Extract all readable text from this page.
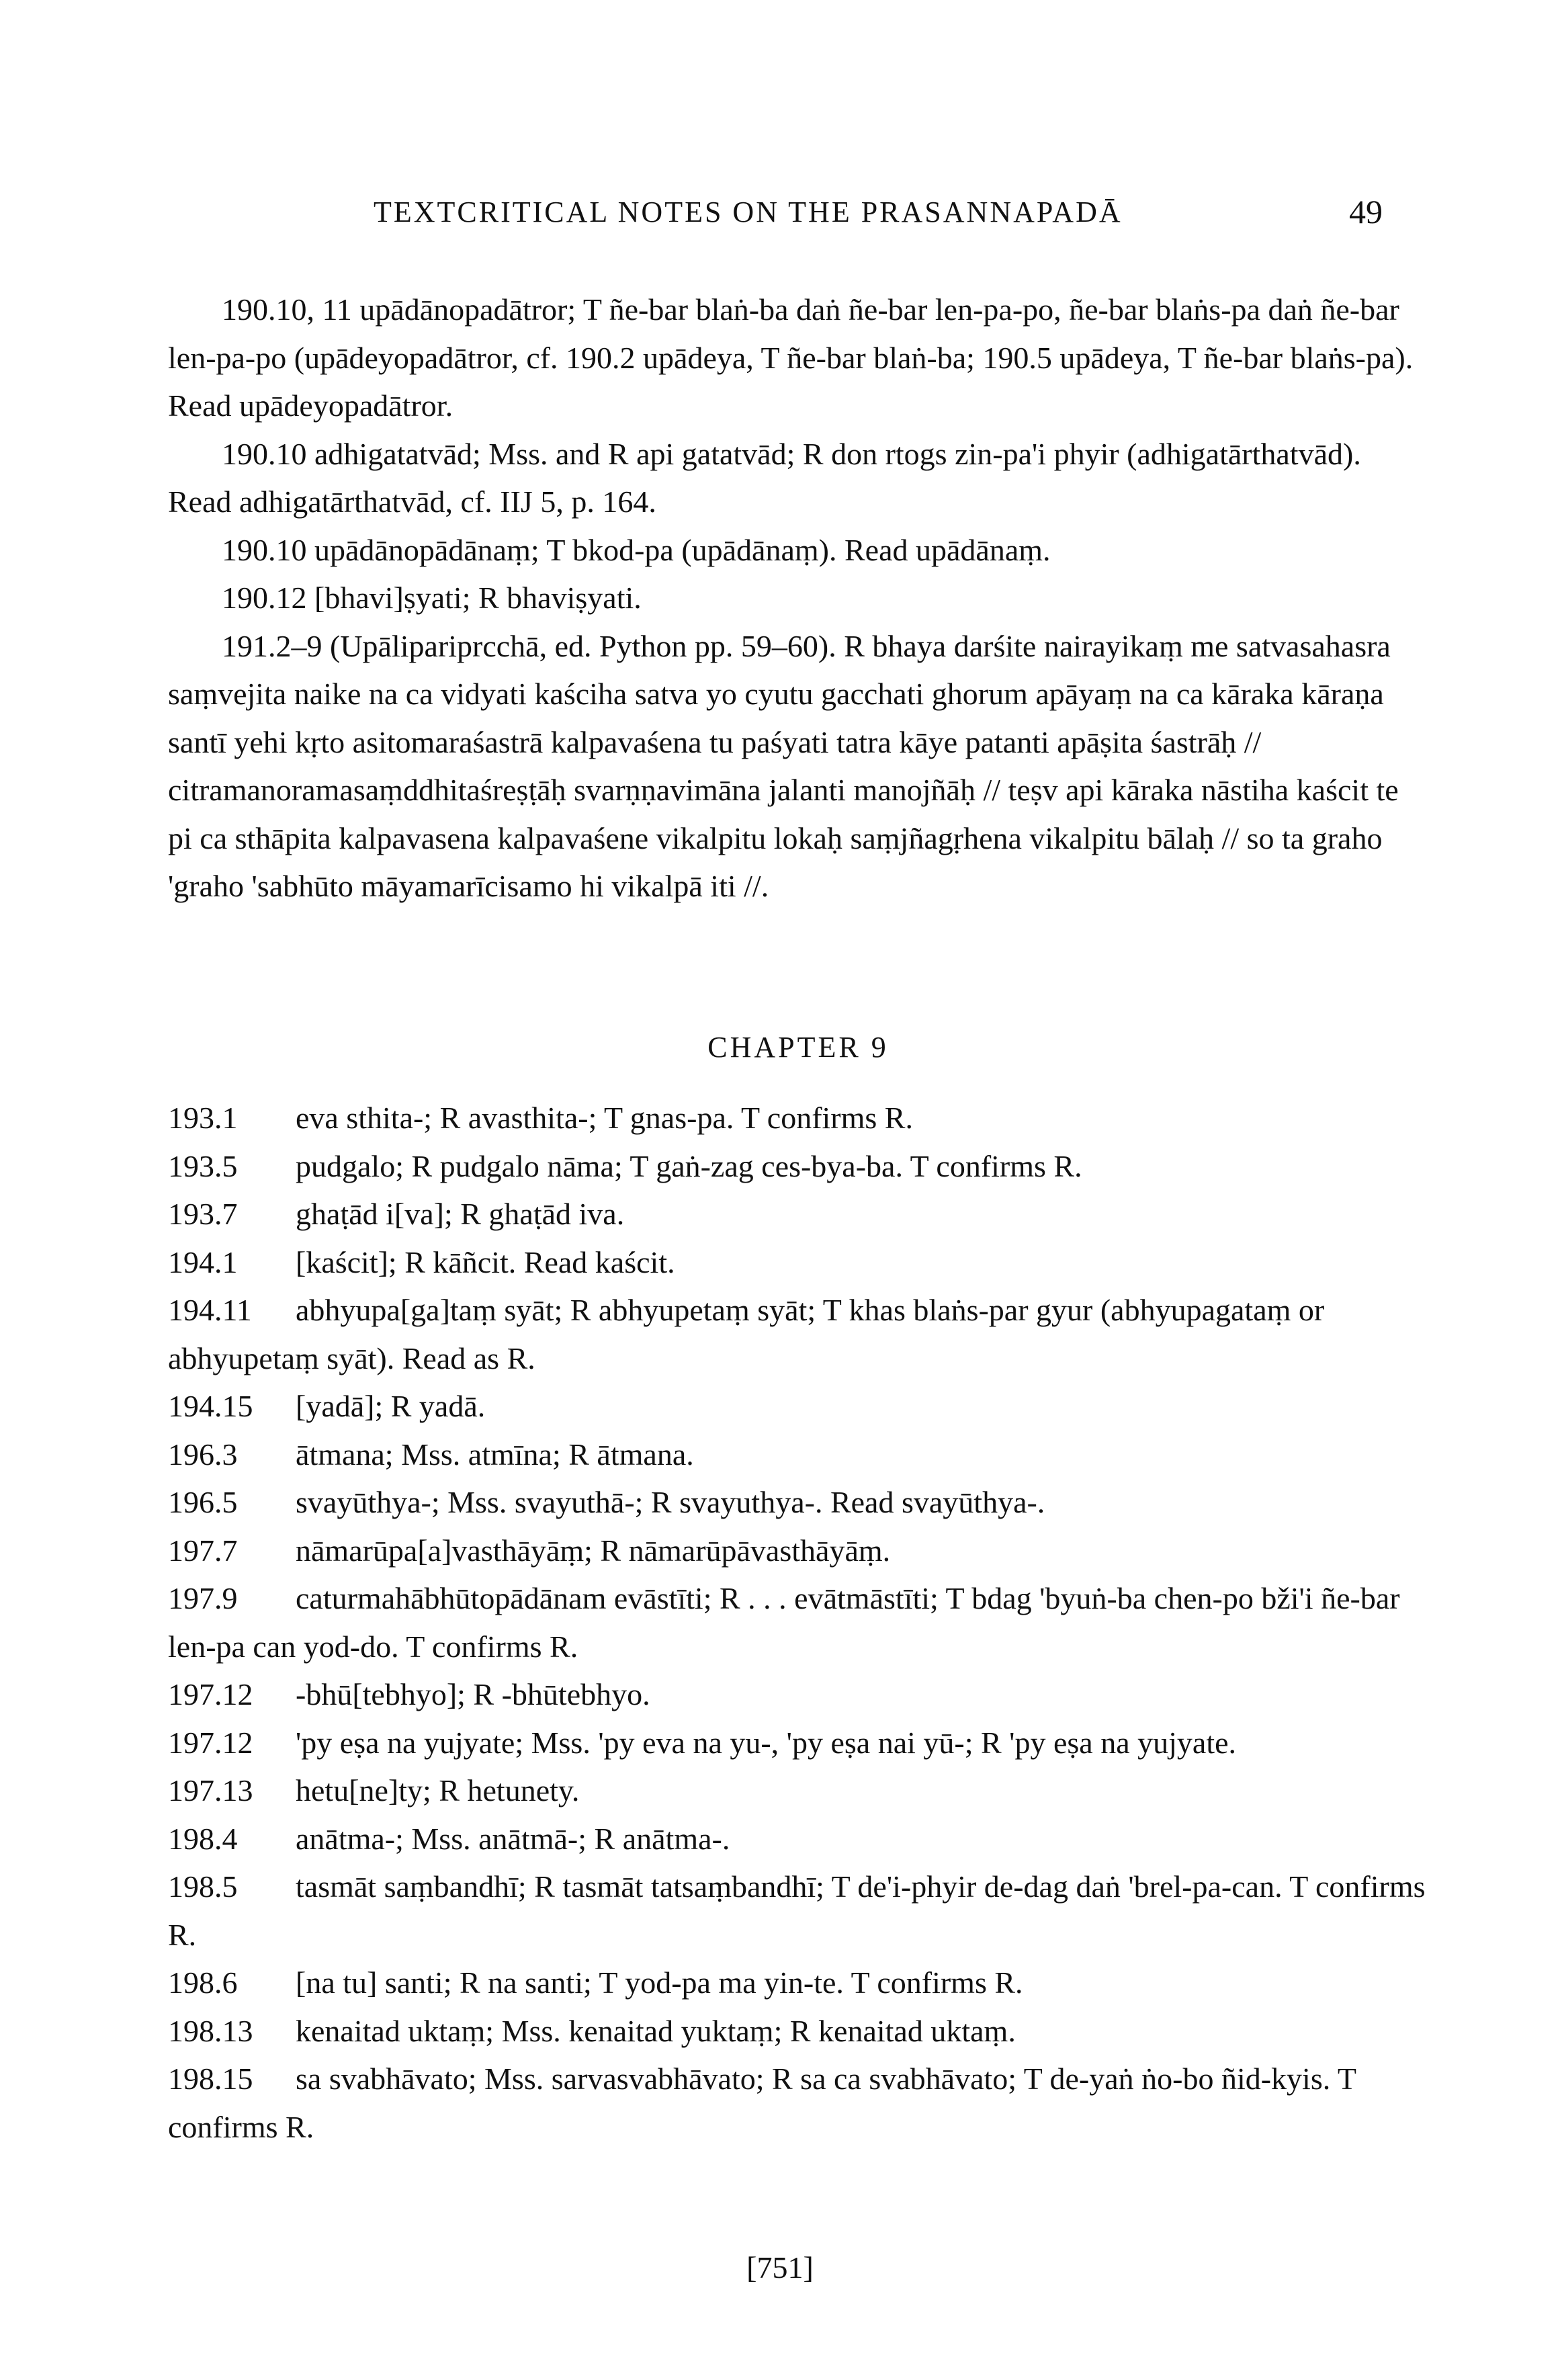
TEXTCRITICAL NOTES ON THE PRASANNAPADĀ	49

190.10, 11 upādānopadātror; T ñe-bar blaṅ-ba daṅ ñe-bar len-pa-po, ñe-bar blaṅs-pa daṅ ñe-bar len-pa-po (upādeyopadātror, cf. 190.2 upādeya, T ñe-bar blaṅ-ba; 190.5 upādeya, T ñe-bar blaṅs-pa). Read upādeyopadātror.

190.10 adhigatatvād; Mss. and R api gatatvād; R don rtogs zin-pa'i phyir (adhigatārthatvād). Read adhigatārthatvād, cf. IIJ 5, p. 164.

190.10 upādānopādānaṃ; T bkod-pa (upādānaṃ). Read upādānaṃ.

190.12 [bhavi]ṣyati; R bhaviṣyati.

191.2–9 (Upālipariprcchā, ed. Python pp. 59–60). R bhaya darśite nairayikaṃ me satvasahasra saṃvejita naike na ca vidyati kaściha satva yo cyutu gacchati ghorum apāyaṃ na ca kāraka kāraṇa santī yehi kṛto asitomaraśastrā kalpavaśena tu paśyati tatra kāye patanti apāṣita śastrāḥ // citramanoramasaṃddhitaśreṣṭāḥ svarṇṇavimāna jalanti manojñāḥ // teṣv api kāraka nāstiha kaścit te pi ca sthāpita kalpavasena kalpavaśene vikalpitu lokaḥ saṃjñagṛhena vikalpitu bālaḥ // so ta graho 'graho 'sabhūto māyamarīcisamo hi vikalpā iti //.

CHAPTER 9

193.1 eva sthita-; R avasthita-; T gnas-pa. T confirms R.

193.5 pudgalo; R pudgalo nāma; T gaṅ-zag ces-bya-ba. T confirms R.

193.7 ghaṭād i[va]; R ghaṭād iva.

194.1 [kaścit]; R kāñcit. Read kaścit.

194.11 abhyupa[ga]taṃ syāt; R abhyupetaṃ syāt; T khas blaṅs-par gyur (abhyupagataṃ or abhyupetaṃ syāt). Read as R.

194.15 [yadā]; R yadā.

196.3 ātmana; Mss. atmīna; R ātmana.

196.5 svayūthya-; Mss. svayuthā-; R svayuthya-. Read svayūthya-.

197.7 nāmarūpa[a]vasthāyāṃ; R nāmarūpāvasthāyāṃ.

197.9 caturmahābhūtopādānam evāstīti; R . . . evātmāstīti; T bdag 'byuṅ-ba chen-po bži'i ñe-bar len-pa can yod-do. T confirms R.

197.12 -bhū[tebhyo]; R -bhūtebhyo.

197.12 'py eṣa na yujyate; Mss. 'py eva na yu-, 'py eṣa nai yū-; R 'py eṣa na yujyate.

197.13 hetu[ne]ty; R hetunety.

198.4 anātma-; Mss. anātmā-; R anātma-.

198.5 tasmāt saṃbandhī; R tasmāt tatsaṃbandhī; T de'i-phyir de-dag daṅ 'brel-pa-can. T confirms R.

198.6 [na tu] santi; R na santi; T yod-pa ma yin-te. T confirms R.

198.13 kenaitad uktaṃ; Mss. kenaitad yuktaṃ; R kenaitad uktaṃ.

198.15 sa svabhāvato; Mss. sarvasvabhāvato; R sa ca svabhāvato; T de-yaṅ ṅo-bo ñid-kyis. T confirms R.

[751]
